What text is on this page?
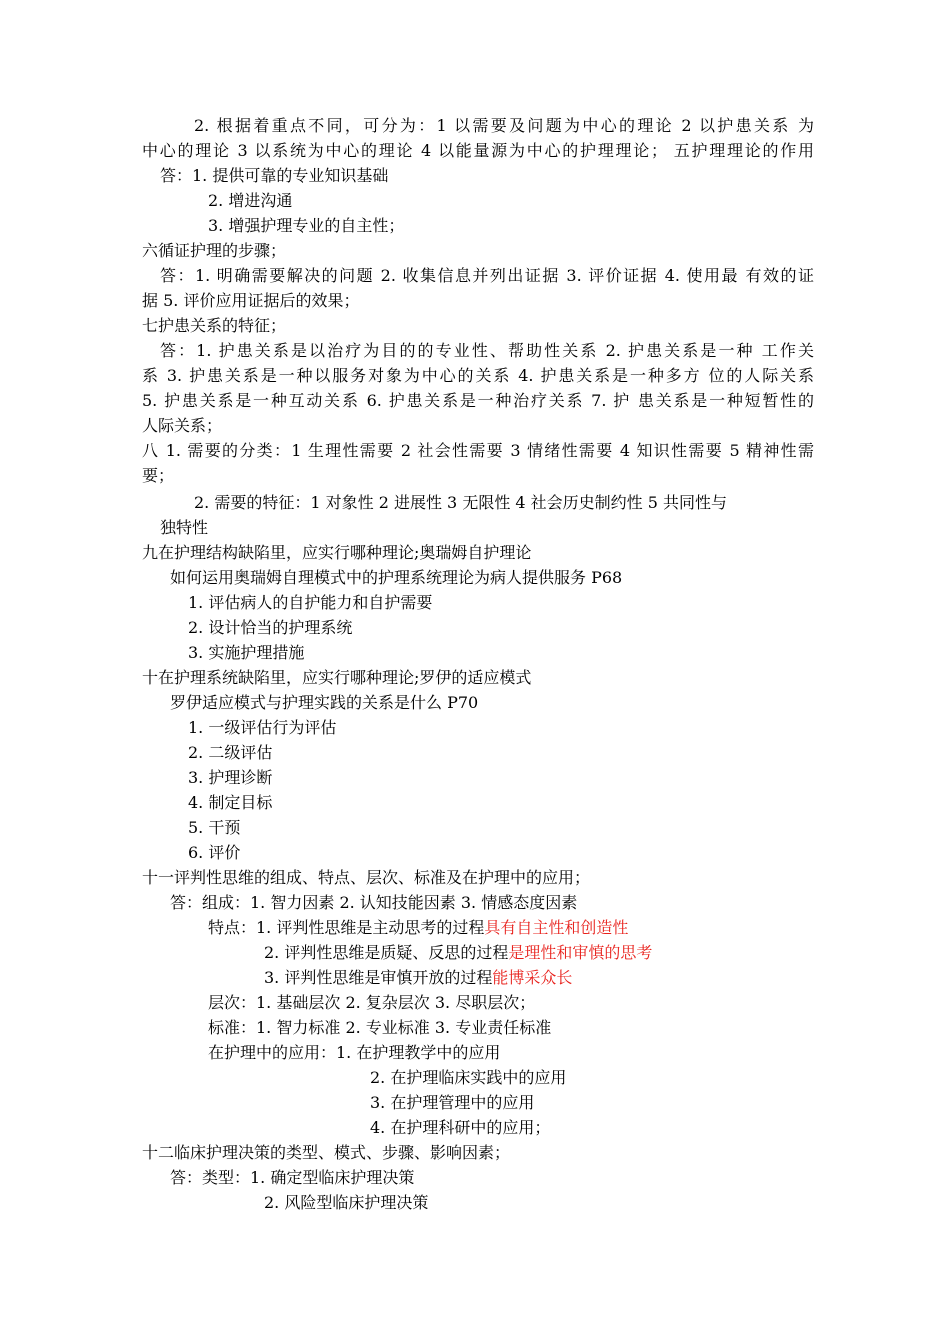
2. 根据着重点不同，可分为：1 以需要及问题为中心的理论 2 以护患关系 为
中心的理论 3 以系统为中心的理论 4 以能量源为中心的护理理论； 五护理理论的作用
答：1. 提供可靠的专业知识基础
2. 增进沟通
3. 增强护理专业的自主性；
六循证护理的步骤；
答：1. 明确需要解决的问题 2. 收集信息并列出证据 3. 评价证据 4. 使用最 有效的证
据 5. 评价应用证据后的效果；
七护患关系的特征；
答：1. 护患关系是以治疗为目的的专业性、帮助性关系 2. 护患关系是一种 工作关
系 3. 护患关系是一种以服务对象为中心的关系 4. 护患关系是一种多方 位的人际关系
5. 护患关系是一种互动关系 6. 护患关系是一种治疗关系 7. 护 患关系是一种短暂性的
人际关系；
八 1. 需要的分类：1 生理性需要 2 社会性需要 3 情绪性需要 4 知识性需要 5 精神性需
要；
2. 需要的特征：1 对象性 2 进展性 3 无限性 4 社会历史制约性 5 共同性与
独特性
九在护理结构缺陷里，应实行哪种理论;奥瑞姆自护理论
如何运用奥瑞姆自理模式中的护理系统理论为病人提供服务 P68
1. 评估病人的自护能力和自护需要
2. 设计恰当的护理系统
3. 实施护理措施
十在护理系统缺陷里，应实行哪种理论;罗伊的适应模式
罗伊适应模式与护理实践的关系是什么 P70
1. 一级评估行为评估
2. 二级评估
3. 护理诊断
4. 制定目标
5. 干预
6. 评价
十一评判性思维的组成、特点、层次、标准及在护理中的应用；
答：组成：1. 智力因素 2. 认知技能因素 3. 情感态度因素
特点：1. 评判性思维是主动思考的过程具有自主性和创造性
2. 评判性思维是质疑、反思的过程是理性和审慎的思考
3. 评判性思维是审慎开放的过程能博采众长
层次：1. 基础层次 2. 复杂层次 3. 尽职层次；
标准：1. 智力标准 2. 专业标准 3. 专业责任标准
在护理中的应用：1. 在护理教学中的应用
2. 在护理临床实践中的应用
3. 在护理管理中的应用
4. 在护理科研中的应用；
十二临床护理决策的类型、模式、步骤、影响因素；
答：类型：1. 确定型临床护理决策
2. 风险型临床护理决策
